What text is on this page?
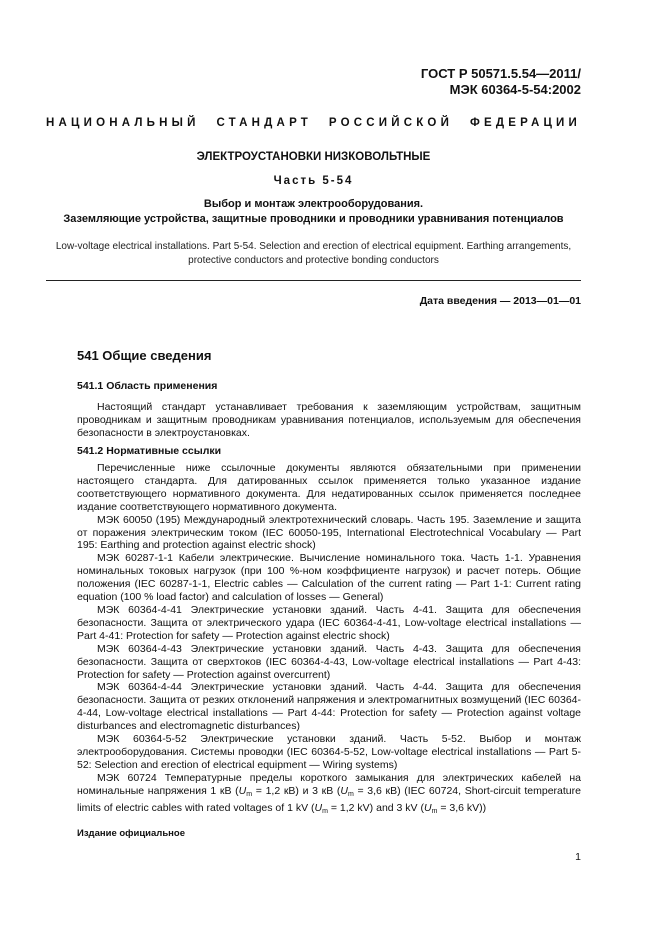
ГОСТ Р 50571.5.54—2011/
МЭК 60364-5-54:2002
НАЦИОНАЛЬНЫЙ СТАНДАРТ РОССИЙСКОЙ ФЕДЕРАЦИИ
ЭЛЕКТРОУСТАНОВКИ НИЗКОВОЛЬТНЫЕ
Часть 5-54
Выбор и монтаж электрооборудования.
Заземляющие устройства, защитные проводники и проводники уравнивания потенциалов
Low-voltage electrical installations. Part 5-54. Selection and erection of electrical equipment. Earthing arrangements,
protective conductors and protective bonding conductors
Дата введения — 2013—01—01
541 Общие сведения
541.1 Область применения
Настоящий стандарт устанавливает требования к заземляющим устройствам, защитным проводникам и защитным проводникам уравнивания потенциалов, используемым для обеспечения безопасности в электроустановках.
541.2 Нормативные ссылки
Перечисленные ниже ссылочные документы являются обязательными при применении настоящего стандарта. Для датированных ссылок применяется только указанное издание соответствующего нормативного документа. Для недатированных ссылок применяется последнее издание соответствующего нормативного документа.
МЭК 60050 (195) Международный электротехнический словарь. Часть 195. Заземление и защита от поражения электрическим током (IEC 60050-195, International Electrotechnical Vocabulary — Part 195: Earthing and protection against electric shock)
МЭК 60287-1-1 Кабели электрические. Вычисление номинального тока. Часть 1-1. Уравнения номинальных токовых нагрузок (при 100 %-ном коэффициенте нагрузок) и расчет потерь. Общие положения (IEC 60287-1-1, Electric cables — Calculation of the current rating — Part 1-1: Current rating equation (100 % load factor) and calculation of losses — General)
МЭК 60364-4-41 Электрические установки зданий. Часть 4-41. Защита для обеспечения безопасности. Защита от электрического удара (IEC 60364-4-41, Low-voltage electrical installations — Part 4-41: Protection for safety — Protection against electric shock)
МЭК 60364-4-43 Электрические установки зданий. Часть 4-43. Защита для обеспечения безопасности. Защита от сверхтоков (IEC 60364-4-43, Low-voltage electrical installations — Part 4-43: Protection for safety — Protection against overcurrent)
МЭК 60364-4-44 Электрические установки зданий. Часть 4-44. Защита для обеспечения безопасности. Защита от резких отклонений напряжения и электромагнитных возмущений (IEC 60364-4-44, Low-voltage electrical installations — Part 4-44: Protection for safety — Protection against voltage disturbances and electromagnetic disturbances)
МЭК 60364-5-52 Электрические установки зданий. Часть 5-52. Выбор и монтаж электрооборудования. Системы проводки (IEC 60364-5-52, Low-voltage electrical installations — Part 5-52: Selection and erection of electrical equipment — Wiring systems)
МЭК 60724 Температурные пределы короткого замыкания для электрических кабелей на номинальные напряжения 1 кВ ($U_m = 1,2$ кВ) и 3 кВ ($U_m = 3,6$ кВ) (IEC 60724, Short-circuit temperature limits of electric cables with rated voltages of 1 kV ($U_m = 1,2$ kV) and 3 kV ($U_m = 3,6$ kV))
Издание официальное
1
